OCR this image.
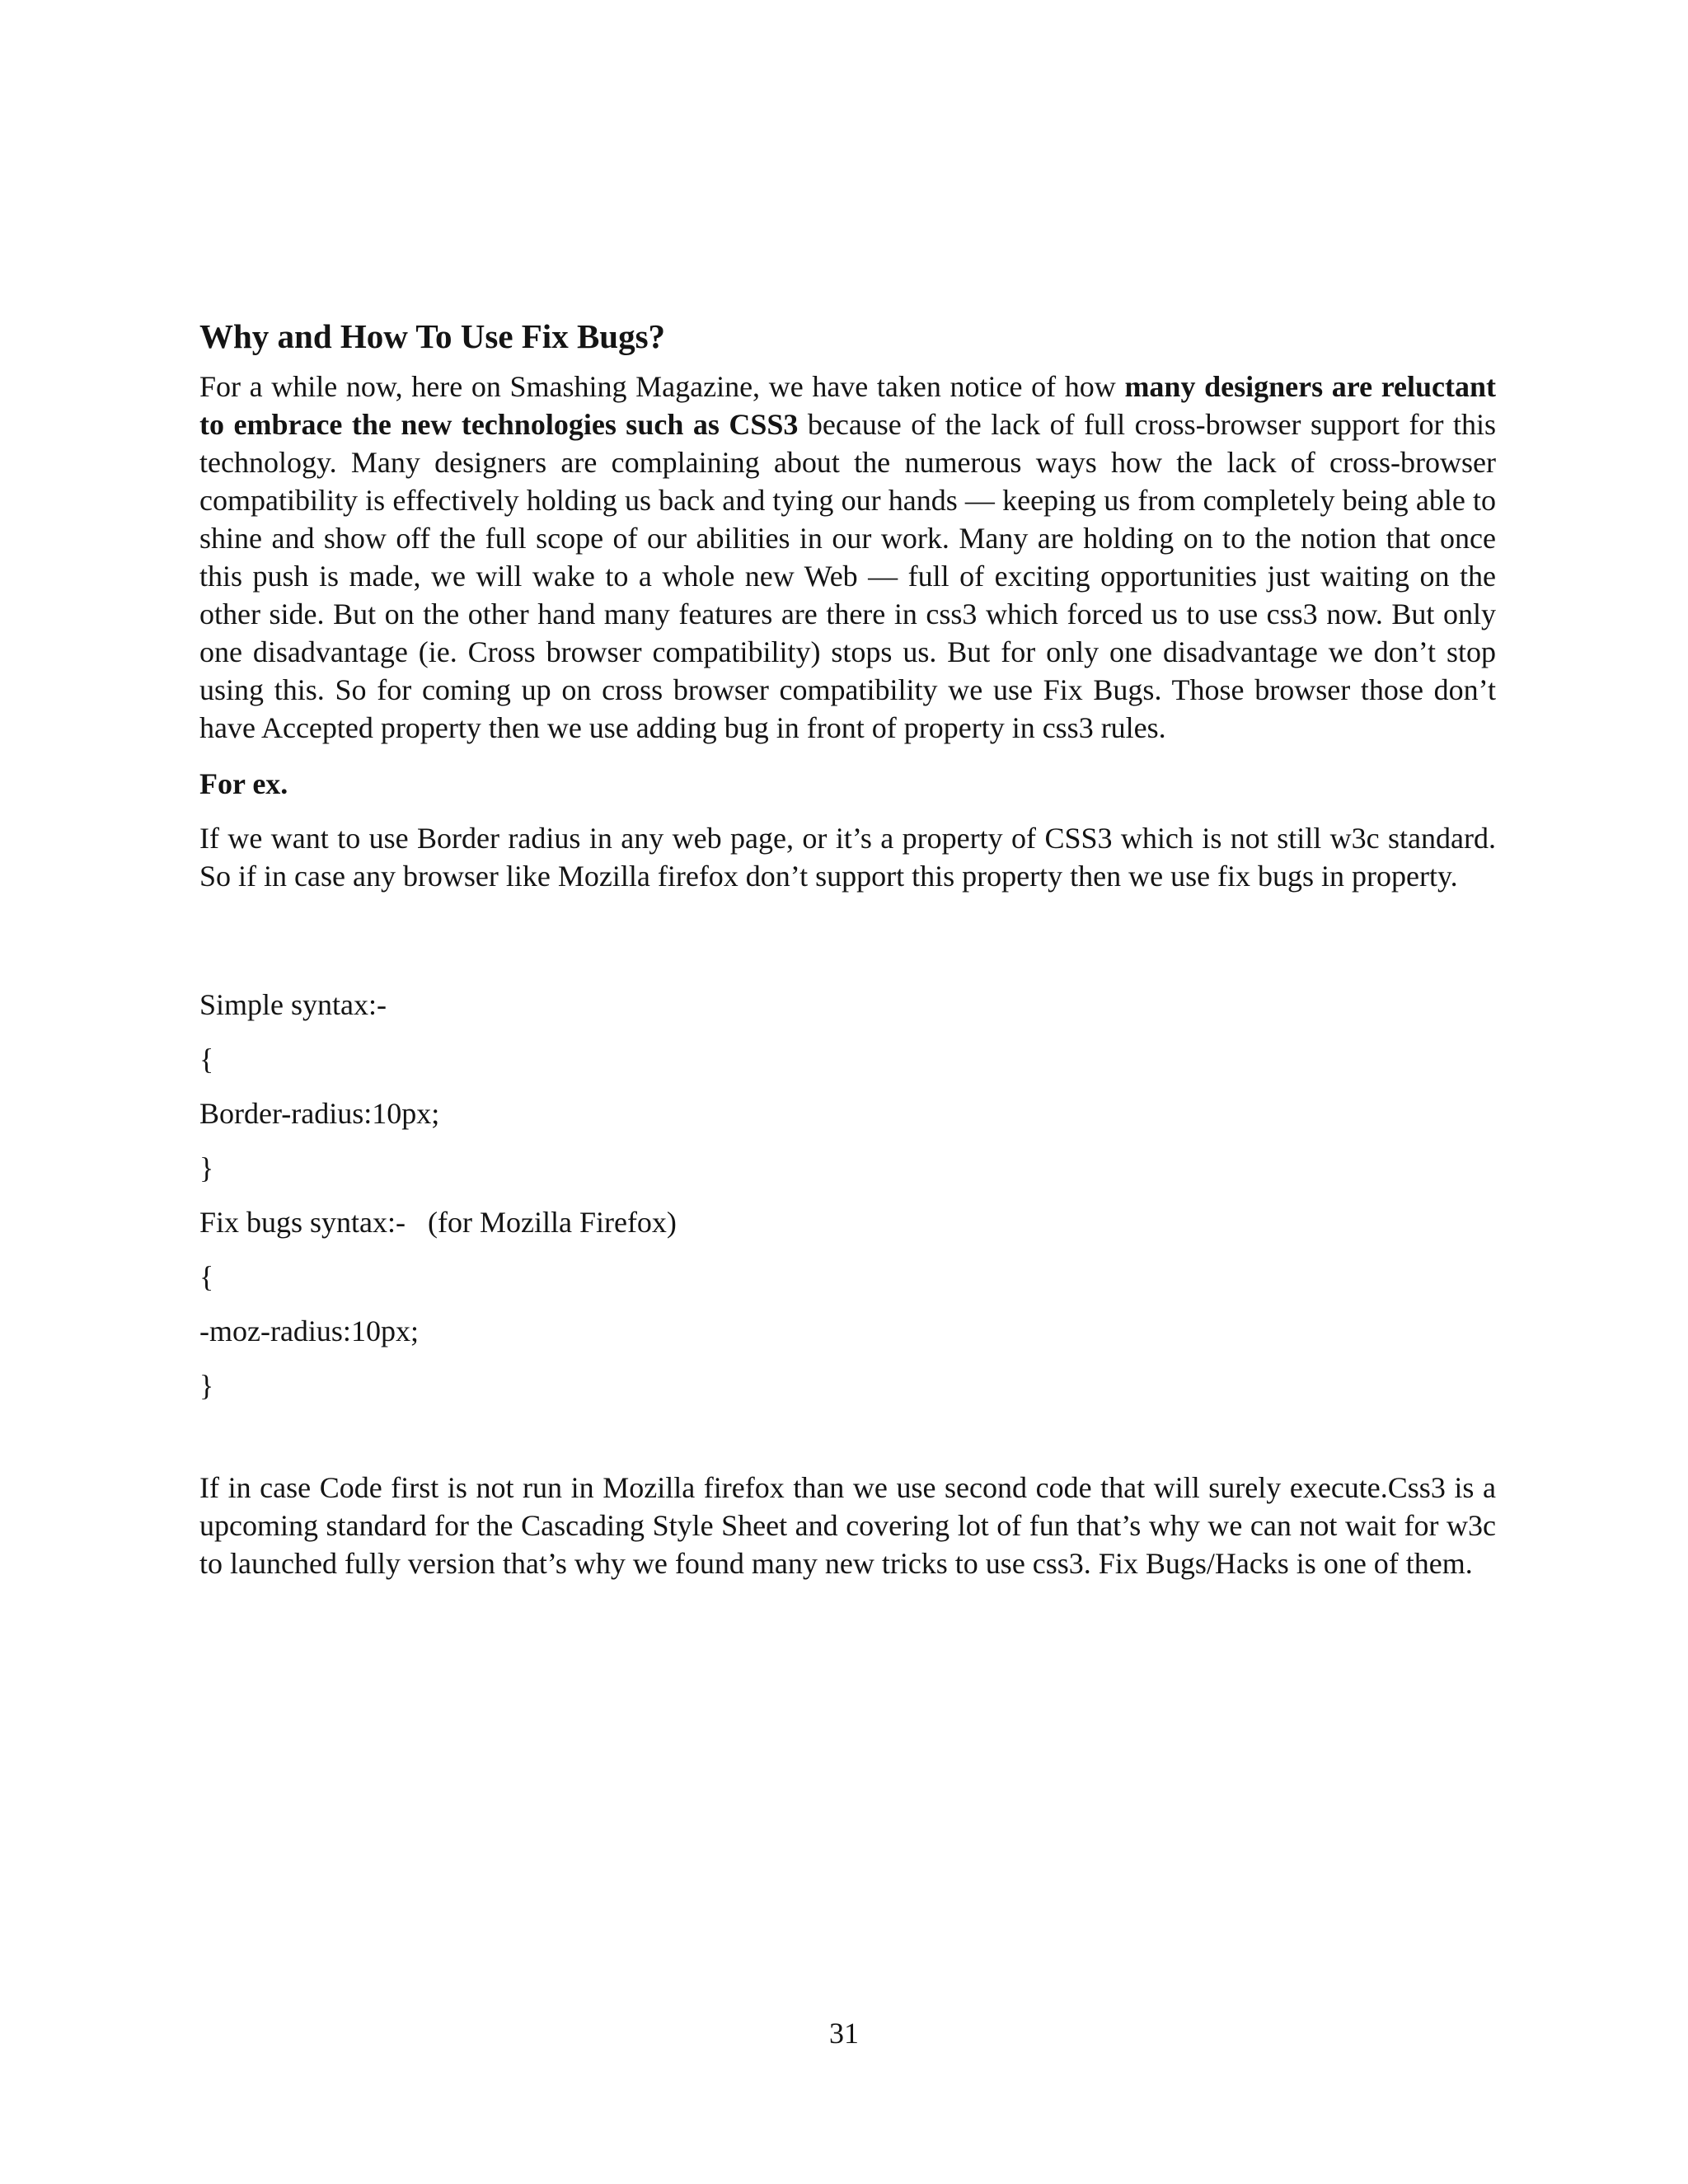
Why and How To Use Fix Bugs?

For a while now, here on Smashing Magazine, we have taken notice of how many designers are reluctant to embrace the new technologies such as CSS3 because of the lack of full cross-browser support for this technology. Many designers are complaining about the numerous ways how the lack of cross-browser compatibility is effectively holding us back and tying our hands — keeping us from completely being able to shine and show off the full scope of our abilities in our work. Many are holding on to the notion that once this push is made, we will wake to a whole new Web — full of exciting opportunities just waiting on the other side. But on the other hand many features are there in css3 which forced us to use css3 now. But only one disadvantage (ie. Cross browser compatibility) stops us. But for only one disadvantage we don’t stop using this. So for coming up on cross browser compatibility we use Fix Bugs. Those browser those don’t have Accepted property then we use adding bug in front of property in css3 rules.

For ex.

If we want to use Border radius in any web page, or it’s a property of CSS3 which is not still w3c standard. So if in case any browser like Mozilla firefox don’t support this property then we use fix bugs in property.

Simple syntax:-
{
Border-radius:10px;
}
Fix bugs syntax:-   (for Mozilla Firefox)
{
-moz-radius:10px;
}

If in case Code first is not run in Mozilla firefox than we use second code that will surely execute.Css3 is a upcoming standard for the Cascading Style Sheet and covering lot of fun that’s why we can not wait for w3c to launched fully version that’s why we found many new tricks to use css3. Fix Bugs/Hacks is one of them.

31
